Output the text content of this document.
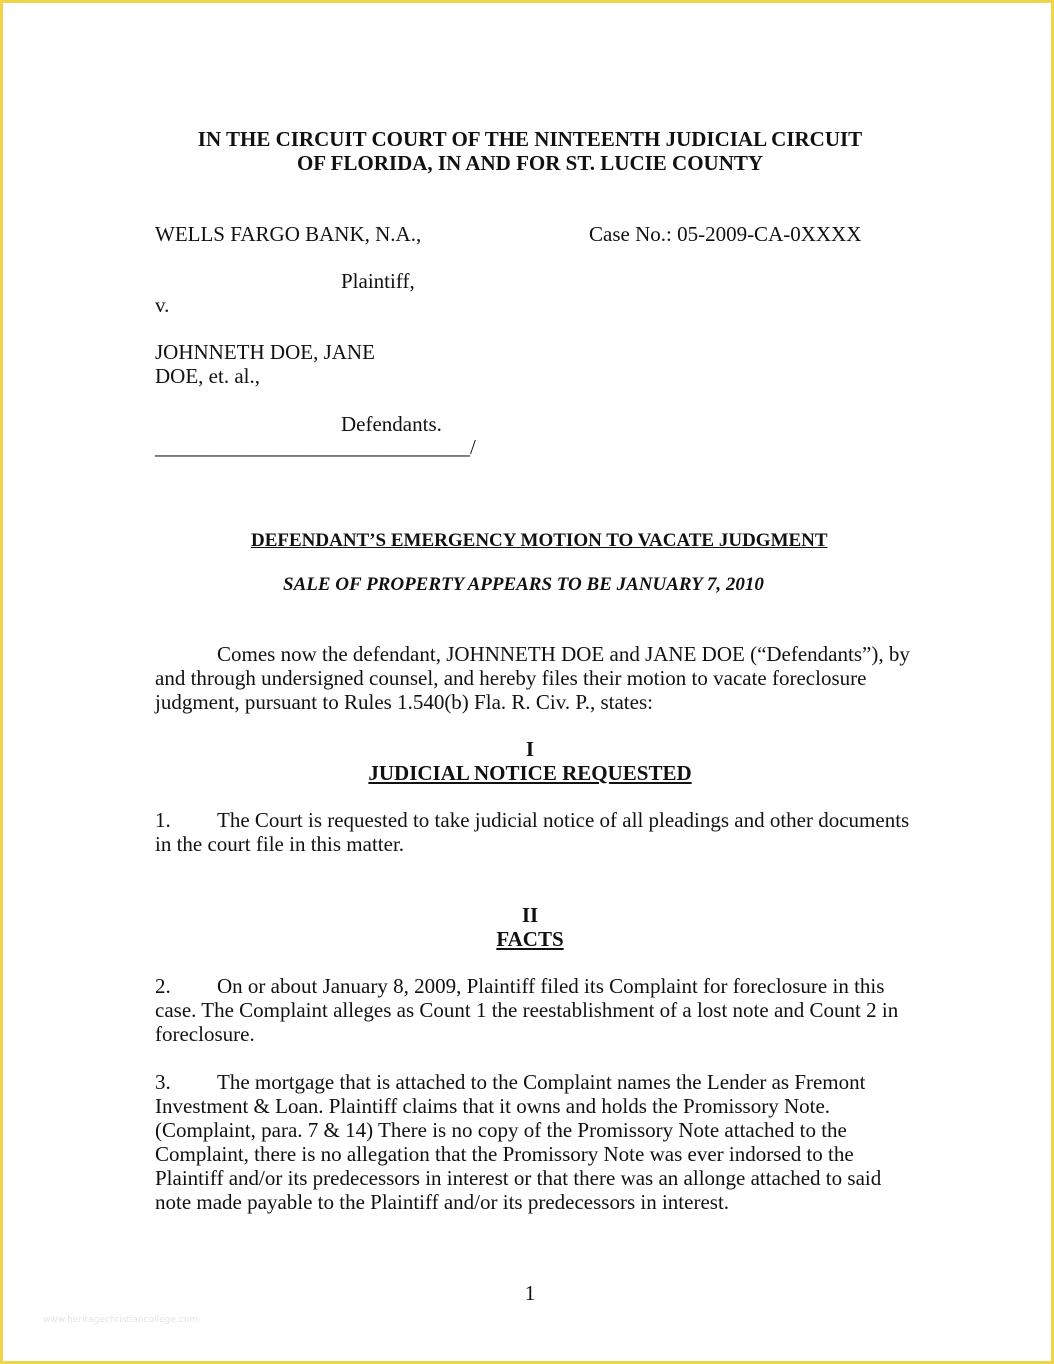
IN THE CIRCUIT COURT OF THE NINTEENTH JUDICIAL CIRCUIT
OF FLORIDA, IN AND FOR ST. LUCIE COUNTY
WELLS FARGO BANK, N.A.,	Case No.: 05-2009-CA-0XXXX
Plaintiff,
v.
JOHNNETH DOE, JANE
DOE, et. al.,
Defendants.
______________________________/
DEFENDANT’S EMERGENCY MOTION TO VACATE JUDGMENT
SALE OF PROPERTY APPEARS TO BE JANUARY 7, 2010
Comes now the defendant, JOHNNETH DOE and JANE DOE (“Defendants”), by
and through undersigned counsel, and hereby files their motion to vacate foreclosure
judgment, pursuant to Rules 1.540(b) Fla. R. Civ. P., states:
I
JUDICIAL NOTICE REQUESTED
1. The Court is requested to take judicial notice of all pleadings and other documents
in the court file in this matter.
II
FACTS
2. On or about January 8, 2009, Plaintiff filed its Complaint for foreclosure in this
case. The Complaint alleges as Count 1 the reestablishment of a lost note and Count 2 in
foreclosure.
3. The mortgage that is attached to the Complaint names the Lender as Fremont
Investment & Loan. Plaintiff claims that it owns and holds the Promissory Note.
(Complaint, para. 7 & 14) There is no copy of the Promissory Note attached to the
Complaint, there is no allegation that the Promissory Note was ever indorsed to the
Plaintiff and/or its predecessors in interest or that there was an allonge attached to said
note made payable to the Plaintiff and/or its predecessors in interest.
1
www.heritagechristiancollege.com
